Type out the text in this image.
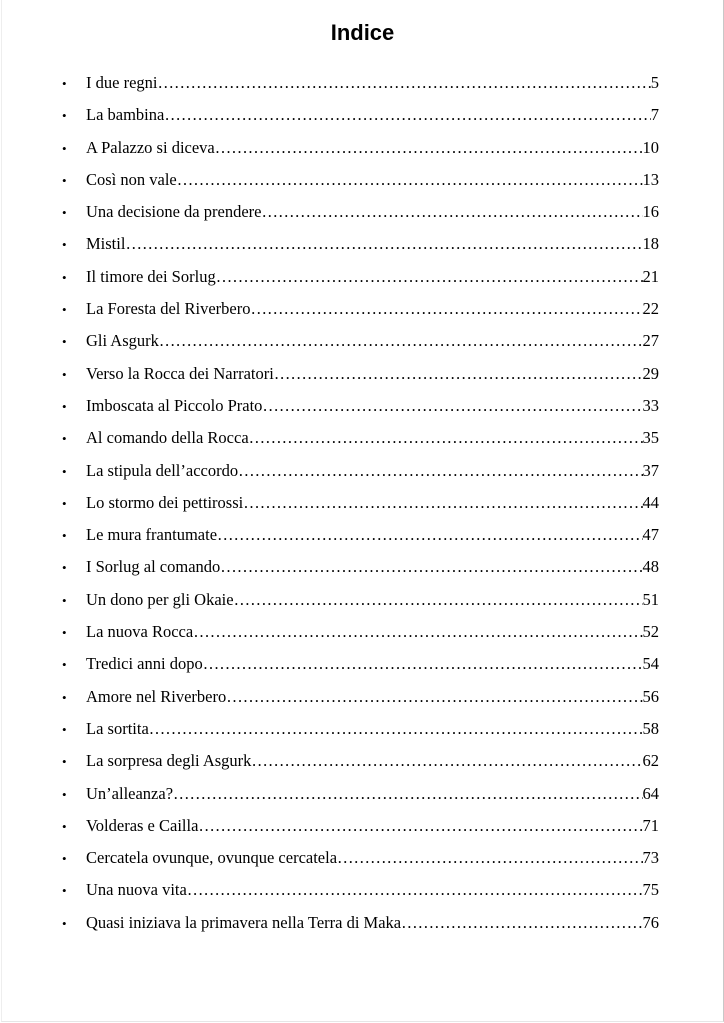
Indice
•	I due regni ………………………………………………………………………………………………………………………………………………………………………………	5
•	La bambina ………………………………………………………………………………………………………………………………………………………………………………	7
•	A Palazzo si diceva ………………………………………………………………………………………………………………………………………………………………………………	10
•	Così non vale ………………………………………………………………………………………………………………………………………………………………………………	13
•	Una decisione da prendere ………………………………………………………………………………………………………………………………………………………………………………	16
•	Mistil ………………………………………………………………………………………………………………………………………………………………………………	18
•	Il timore dei Sorlug ………………………………………………………………………………………………………………………………………………………………………………	21
•	La Foresta del Riverbero ………………………………………………………………………………………………………………………………………………………………………………	22
•	Gli Asgurk ………………………………………………………………………………………………………………………………………………………………………………	27
•	Verso la Rocca dei Narratori ………………………………………………………………………………………………………………………………………………………………………………	29
•	Imboscata al Piccolo Prato ………………………………………………………………………………………………………………………………………………………………………………	33
•	Al comando della Rocca ………………………………………………………………………………………………………………………………………………………………………………	35
•	La stipula dell’accordo ………………………………………………………………………………………………………………………………………………………………………………	37
•	Lo stormo dei pettirossi ………………………………………………………………………………………………………………………………………………………………………………	44
•	Le mura frantumate ………………………………………………………………………………………………………………………………………………………………………………	47
•	I Sorlug al comando ………………………………………………………………………………………………………………………………………………………………………………	48
•	Un dono per gli Okaie ………………………………………………………………………………………………………………………………………………………………………………	51
•	La nuova Rocca ………………………………………………………………………………………………………………………………………………………………………………	52
•	Tredici anni dopo ………………………………………………………………………………………………………………………………………………………………………………	54
•	Amore nel Riverbero ………………………………………………………………………………………………………………………………………………………………………………	56
•	La sortita ………………………………………………………………………………………………………………………………………………………………………………	58
•	La sorpresa degli Asgurk ………………………………………………………………………………………………………………………………………………………………………………	62
•	Un’alleanza? ………………………………………………………………………………………………………………………………………………………………………………	64
•	Volderas e Cailla ………………………………………………………………………………………………………………………………………………………………………………	71
•	Cercatela ovunque, ovunque cercatela ………………………………………………………………………………………………………………………………………………………………………………	73
•	Una nuova vita ………………………………………………………………………………………………………………………………………………………………………………	75
•	Quasi iniziava la primavera nella Terra di Maka ………………………………………………………………………………………………………………………………………………………………………………	76
